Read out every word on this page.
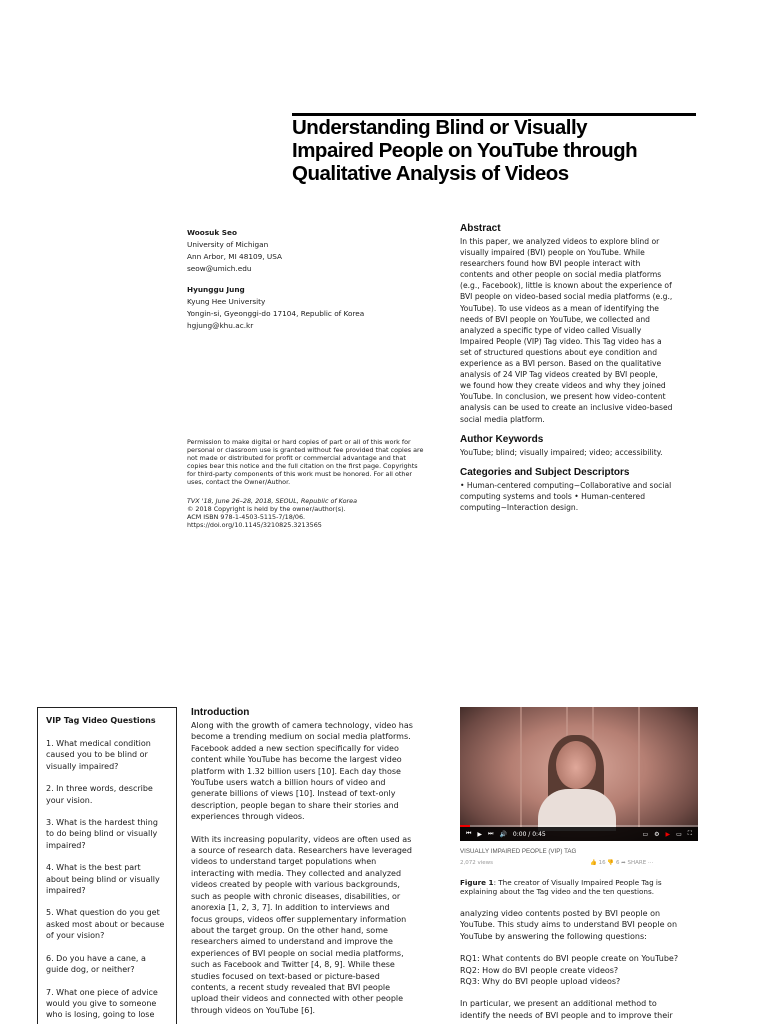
Understanding Blind or Visually
Impaired People on YouTube through
Qualitative Analysis of Videos
Woosuk Seo
University of Michigan
Ann Arbor, MI 48109, USA
seow@umich.edu
Hyunggu Jung
Kyung Hee University
Yongin-si, Gyeonggi-do 17104, Republic of Korea
hgjung@khu.ac.kr
Permission to make digital or hard copies of part or all of this work for
personal or classroom use is granted without fee provided that copies are
not made or distributed for profit or commercial advantage and that
copies bear this notice and the full citation on the first page. Copyrights
for third-party components of this work must be honored. For all other
uses, contact the Owner/Author.
TVX '18, June 26–28, 2018, SEOUL, Republic of Korea
© 2018 Copyright is held by the owner/author(s).
ACM ISBN 978-1-4503-5115-7/18/06.
https://doi.org/10.1145/3210825.3213565
Abstract
In this paper, we analyzed videos to explore blind or
visually impaired (BVI) people on YouTube. While
researchers found how BVI people interact with
contents and other people on social media platforms
(e.g., Facebook), little is known about the experience of
BVI people on video-based social media platforms (e.g.,
YouTube). To use videos as a mean of identifying the
needs of BVI people on YouTube, we collected and
analyzed a specific type of video called Visually
Impaired People (VIP) Tag video. This Tag video has a
set of structured questions about eye condition and
experience as a BVI person. Based on the qualitative
analysis of 24 VIP Tag videos created by BVI people,
we found how they create videos and why they joined
YouTube. In conclusion, we present how video-content
analysis can be used to create an inclusive video-based
social media platform.
Author Keywords
YouTube; blind; visually impaired; video; accessibility.
Categories and Subject Descriptors
• Human-centered computing~Collaborative and social
computing systems and tools • Human-centered
computing~Interaction design.
VIP Tag Video Questions
1. What medical condition
caused you to be blind or
visually impaired?
2. In three words, describe
your vision.
3. What is the hardest thing
to do being blind or visually
impaired?
4. What is the best part
about being blind or visually
impaired?
5. What question do you get
asked most about or because
of your vision?
6. Do you have a cane, a
guide dog, or neither?
7. What one piece of advice
would you give to someone
who is losing, going to lose
Introduction
Along with the growth of camera technology, video has
become a trending medium on social media platforms.
Facebook added a new section specifically for video
content while YouTube has become the largest video
platform with 1.32 billion users [10]. Each day those
YouTube users watch a billion hours of video and
generate billions of views [10]. Instead of text-only
description, people began to share their stories and
experiences through videos.
With its increasing popularity, videos are often used as
a source of research data. Researchers have leveraged
videos to understand target populations when
interacting with media. They collected and analyzed
videos created by people with various backgrounds,
such as people with chronic diseases, disabilities, or
anorexia [1, 2, 3, 7]. In addition to interviews and
focus groups, videos offer supplementary information
about the target group. On the other hand, some
researchers aimed to understand and improve the
experiences of BVI people on social media platforms,
such as Facebook and Twitter [4, 8, 9]. While these
studies focused on text-based or picture-based
contents, a recent study revealed that BVI people
upload their videos and connected with other people
through videos on YouTube [6].
⏮ ▶ ⏭ 🔊 0:00 / 0:45	▭ ⚙ ▶ ▭ ⛶
VISUALLY IMPAIRED PEOPLE (VIP) TAG
2,072 views	👍 16 👎 6 ➦ SHARE ⋯
Figure 1: The creator of Visually Impaired People Tag is
explaining about the Tag video and the ten questions.
analyzing video contents posted by BVI people on
YouTube. This study aims to understand BVI people on
YouTube by answering the following questions:
RQ1: What contents do BVI people create on YouTube?
RQ2: How do BVI people create videos?
RQ3: Why do BVI people upload videos?
In particular, we present an additional method to
identify the needs of BVI people and to improve their
